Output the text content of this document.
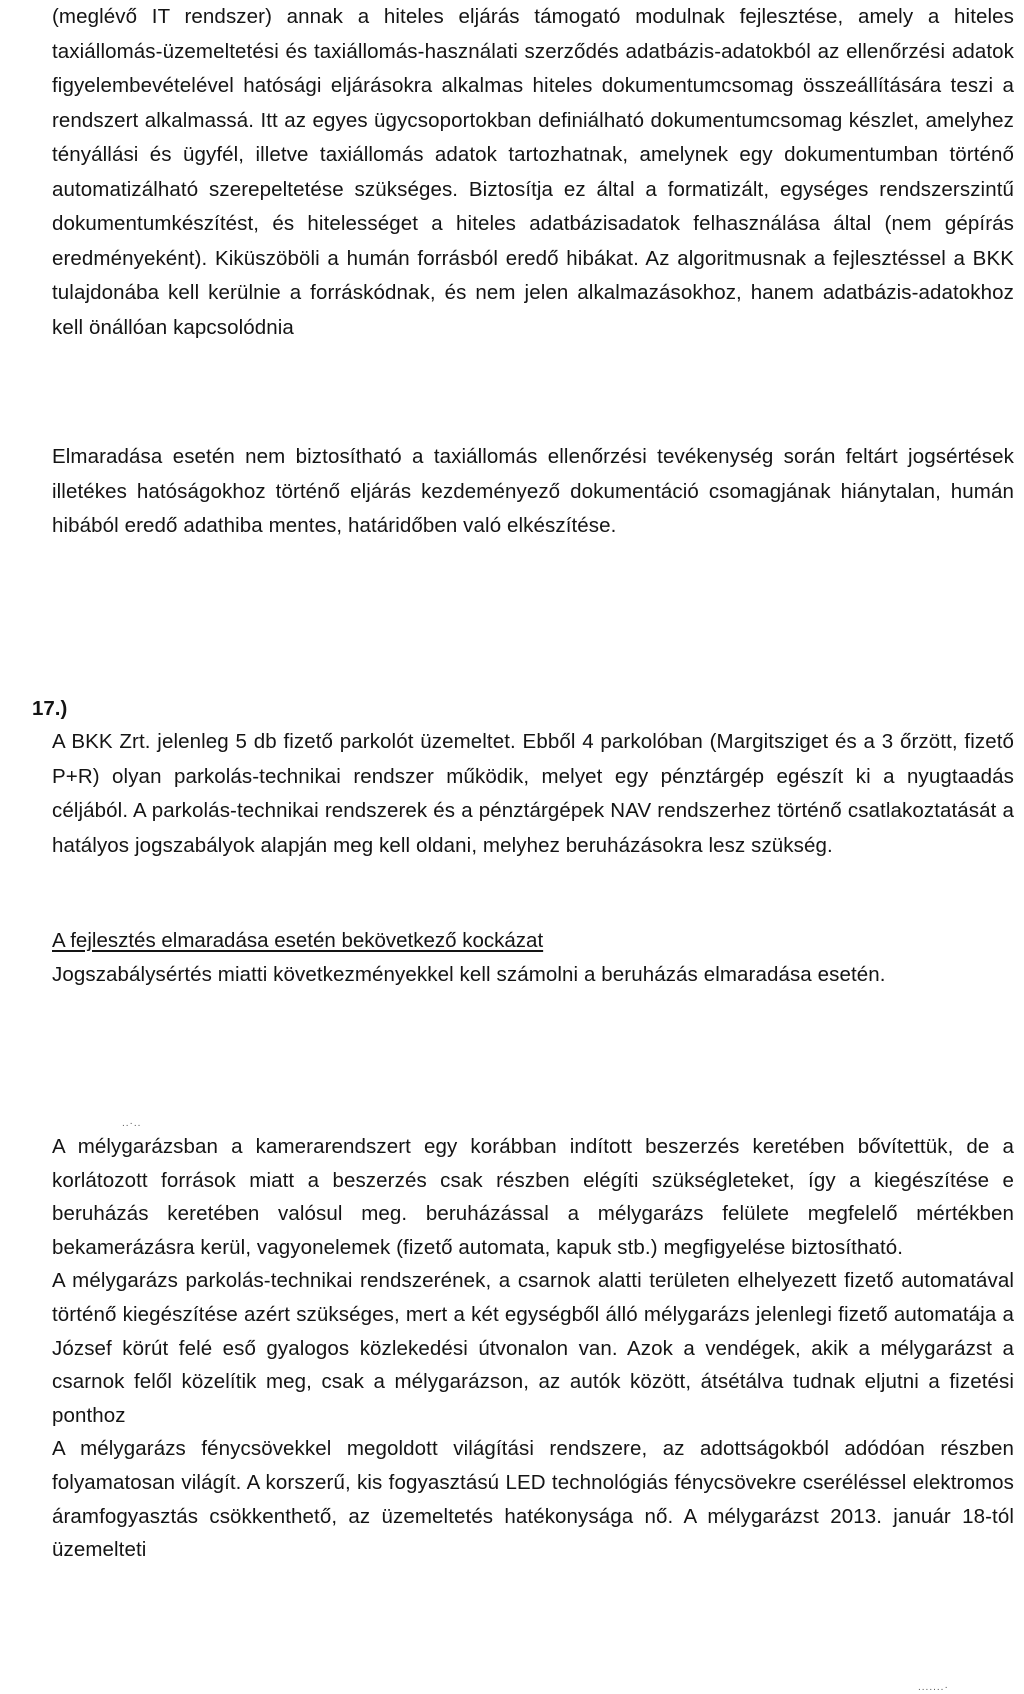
(meglévő IT rendszer) annak a hiteles eljárás támogató modulnak fejlesztése, amely a hiteles taxiállomás-üzemeltetési és taxiállomás-használati szerződés adatbázis-adatokból az ellenőrzési adatok figyelembevételével hatósági eljárásokra alkalmas hiteles dokumentumcsomag összeállítására teszi a rendszert alkalmassá. Itt az egyes ügycsoportokban definiálható dokumentumcsomag készlet, amelyhez tényállási és ügyfél, illetve taxiállomás adatok tartozhatnak, amelynek egy dokumentumban történő automatizálható szerepeltetése szükséges. Biztosítja ez által a formatizált, egységes rendszerszintű dokumentumkészítést, és hitelességet a hiteles adatbázisadatok felhasználása által (nem gépírás eredményeként). Kiküszöböli a humán forrásból eredő hibákat. Az algoritmusnak a fejlesztéssel a BKK tulajdonába kell kerülnie a forráskódnak, és nem jelen alkalmazásokhoz, hanem adatbázis-adatokhoz kell önállóan kapcsolódnia

Elmaradása esetén nem biztosítható a taxiállomás ellenőrzési tevékenység során feltárt jogsértések illetékes hatóságokhoz történő eljárás kezdeményező dokumentáció csomagjának hiánytalan, humán hibából eredő adathiba mentes, határidőben való elkészítése.

17.)

A BKK Zrt. jelenleg 5 db fizető parkolót üzemeltet. Ebből 4 parkolóban (Margitsziget és a 3 őrzött, fizető P+R) olyan parkolás-technikai rendszer működik, melyet egy pénztárgép egészít ki a nyugtaadás céljából. A parkolás-technikai rendszerek és a pénztárgépek NAV rendszerhez történő csatlakoztatását a hatályos jogszabályok alapján meg kell oldani, melyhez beruházásokra lesz szükség.

A fejlesztés elmaradása esetén bekövetkező kockázat

Jogszabálysértés miatti következményekkel kell számolni a beruházás elmaradása esetén.

..·..

A mélygarázsban a kamerarendszert egy korábban indított beszerzés keretében bővítettük, de a korlátozott források miatt a beszerzés csak részben elégíti szükségleteket, így a kiegészítése e beruházás keretében valósul meg. beruházással a mélygarázs felülete megfelelő mértékben bekamerázásra kerül, vagyonelemek (fizető automata, kapuk stb.) megfigyelése biztosítható.

A mélygarázs parkolás-technikai rendszerének, a csarnok alatti területen elhelyezett fizető automatával történő kiegészítése azért szükséges, mert a két egységből álló mélygarázs jelenlegi fizető automatája a József körút felé eső gyalogos közlekedési útvonalon van. Azok a vendégek, akik a mélygarázst a csarnok felől közelítik meg, csak a mélygarázson, az autók között, átsétálva tudnak eljutni a fizetési ponthoz

A mélygarázs fénycsövekkel megoldott világítási rendszere, az adottságokból adódóan részben folyamatosan világít. A korszerű, kis fogyasztású LED technológiás fénycsövekre cseréléssel elektromos áramfogyasztás csökkenthető, az üzemeltetés hatékonysága nő. A mélygarázst 2013. január 18-tól üzemelteti

.......·
